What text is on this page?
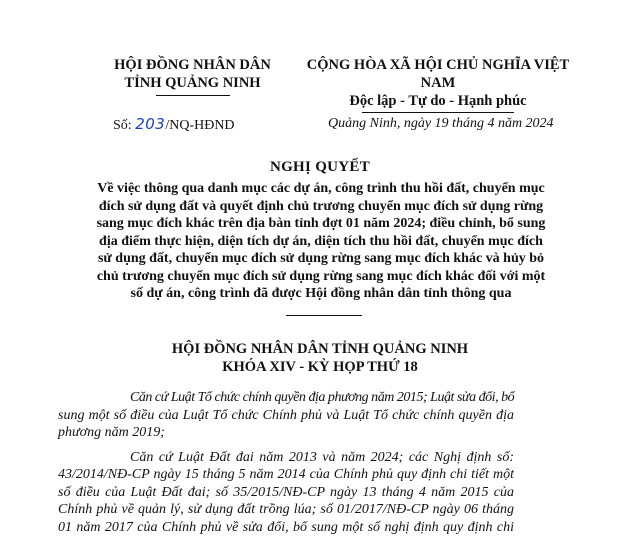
HỘI ĐỒNG NHÂN DÂN
TỈNH QUẢNG NINH
CỘNG HÒA XÃ HỘI CHỦ NGHĨA VIỆT NAM
Độc lập - Tự do - Hạnh phúc
Số: 203/NQ-HĐND	Quảng Ninh, ngày 19 tháng 4 năm 2024
NGHỊ QUYẾT
Về việc thông qua danh mục các dự án, công trình thu hồi đất, chuyển mục
đích sử dụng đất và quyết định chủ trương chuyển mục đích sử dụng rừng
sang mục đích khác trên địa bàn tỉnh đợt 01 năm 2024; điều chỉnh, bổ sung
địa điểm thực hiện, diện tích dự án, diện tích thu hồi đất, chuyển mục đích
sử dụng đất, chuyển mục đích sử dụng rừng sang mục đích khác và hủy bỏ
chủ trương chuyển mục đích sử dụng rừng sang mục đích khác đối với một
số dự án, công trình đã được Hội đồng nhân dân tỉnh thông qua
HỘI ĐỒNG NHÂN DÂN TỈNH QUẢNG NINH
KHÓA XIV - KỲ HỌP THỨ 18

Căn cứ Luật Tổ chức chính quyền địa phương năm 2015; Luật sửa đổi, bổ
sung một số điều của Luật Tổ chức Chính phủ và Luật Tổ chức chính quyền địa
phương năm 2019;

Căn cứ Luật Đất đai năm 2013 và năm 2024; các Nghị định số:
43/2014/NĐ-CP ngày 15 tháng 5 năm 2014 của Chính phủ quy định chi tiết một
số điều của Luật Đất đai; số 35/2015/NĐ-CP ngày 13 tháng 4 năm 2015 của
Chính phủ về quản lý, sử dụng đất trồng lúa; số 01/2017/NĐ-CP ngày 06 tháng
01 năm 2017 của Chính phủ về sửa đổi, bổ sung một số nghị định quy định chi
